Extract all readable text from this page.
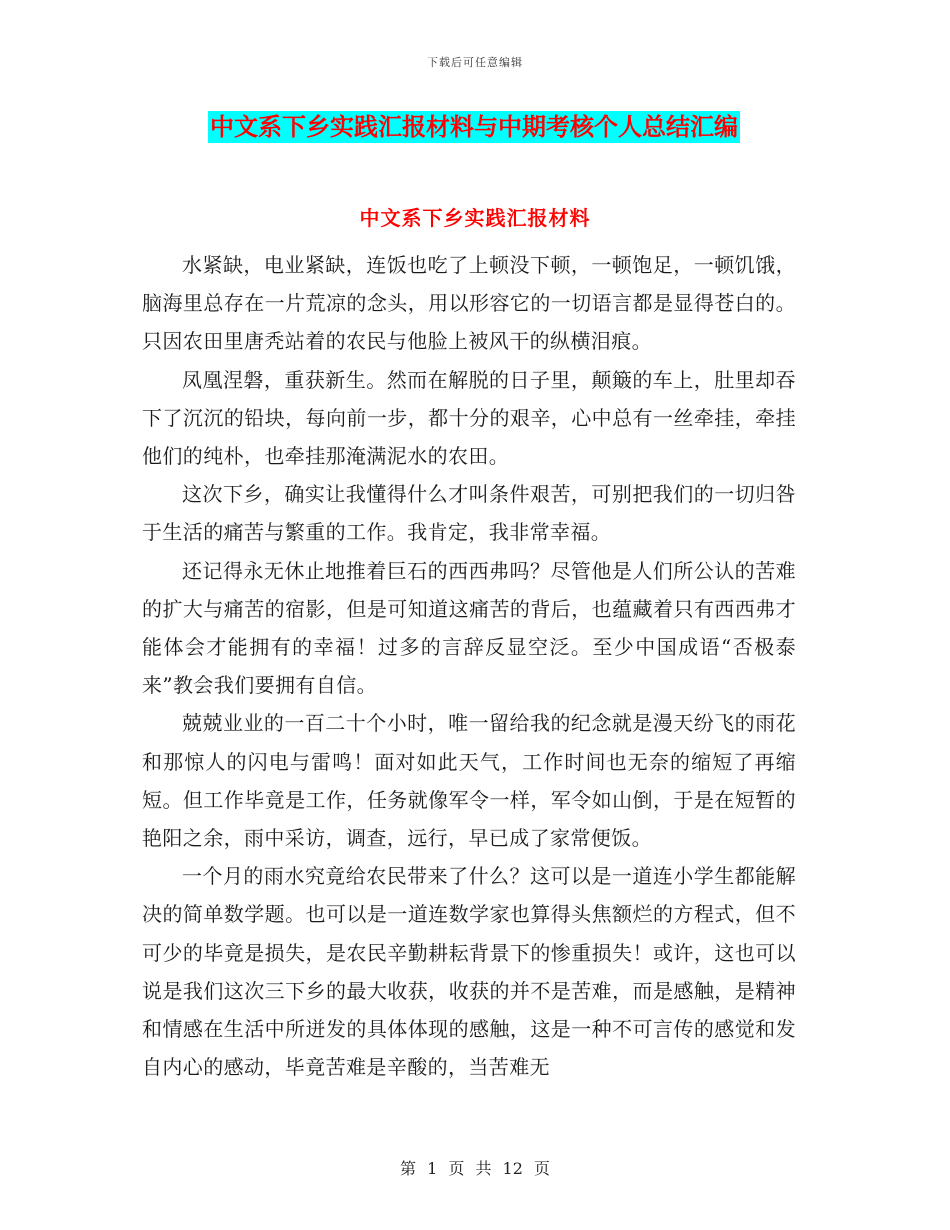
下载后可任意编辑
中文系下乡实践汇报材料与中期考核个人总结汇编
中文系下乡实践汇报材料

水紧缺，电业紧缺，连饭也吃了上顿没下顿，一顿饱足，一顿饥饿，脑海里总存在一片荒凉的念头，用以形容它的一切语言都是显得苍白的。只因农田里唐秃站着的农民与他脸上被风干的纵横泪痕。

凤凰涅磐，重获新生。然而在解脱的日子里，颠簸的车上，肚里却吞下了沉沉的铅块，每向前一步，都十分的艰辛，心中总有一丝牵挂，牵挂他们的纯朴，也牵挂那淹满泥水的农田。

这次下乡，确实让我懂得什么才叫条件艰苦，可别把我们的一切归咎于生活的痛苦与繁重的工作。我肯定，我非常幸福。

还记得永无休止地推着巨石的西西弗吗？尽管他是人们所公认的苦难的扩大与痛苦的宿影，但是可知道这痛苦的背后，也蕴藏着只有西西弗才能体会才能拥有的幸福！过多的言辞反显空泛。至少中国成语“否极泰来”教会我们要拥有自信。

兢兢业业的一百二十个小时，唯一留给我的纪念就是漫天纷飞的雨花和那惊人的闪电与雷鸣！面对如此天气，工作时间也无奈的缩短了再缩短。但工作毕竟是工作，任务就像军令一样，军令如山倒，于是在短暂的艳阳之余，雨中采访，调查，远行，早已成了家常便饭。

一个月的雨水究竟给农民带来了什么？这可以是一道连小学生都能解决的简单数学题。也可以是一道连数学家也算得头焦额烂的方程式，但不可少的毕竟是损失，是农民辛勤耕耘背景下的惨重损失！或许，这也可以说是我们这次三下乡的最大收获，收获的并不是苦难，而是感触，是精神和情感在生活中所迸发的具体体现的感触，这是一种不可言传的感觉和发自内心的感动，毕竟苦难是辛酸的，当苦难无

第 1 页 共 12 页
